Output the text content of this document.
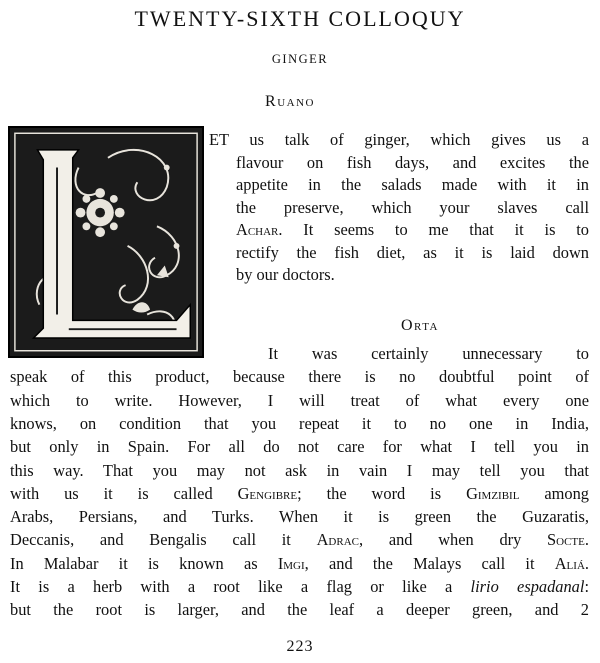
TWENTY-SIXTH COLLOQUY
GINGER
Ruano
ET us talk of ginger, which gives us a
flavour on fish days, and excites the
appetite in the salads made with it in
the preserve, which your slaves call
Achar. It seems to me that it is to
rectify the fish diet, as it is laid down
by our doctors.
Orta
It was certainly unnecessary to
speak of this product, because there is no doubtful point of
which to write. However, I will treat of what every one
knows, on condition that you repeat it to no one in India,
but only in Spain. For all do not care for what I tell you in
this way. That you may not ask in vain I may tell you that
with us it is called Gengibre; the word is Gimzibil among
Arabs, Persians, and Turks. When it is green the Guzaratis,
Deccanis, and Bengalis call it Adrac, and when dry Socte.
In Malabar it is known as Imgi, and the Malays call it Aliá.
It is a herb with a root like a flag or like a lirio espadanal:
but the root is larger, and the leaf a deeper green, and 2
223
